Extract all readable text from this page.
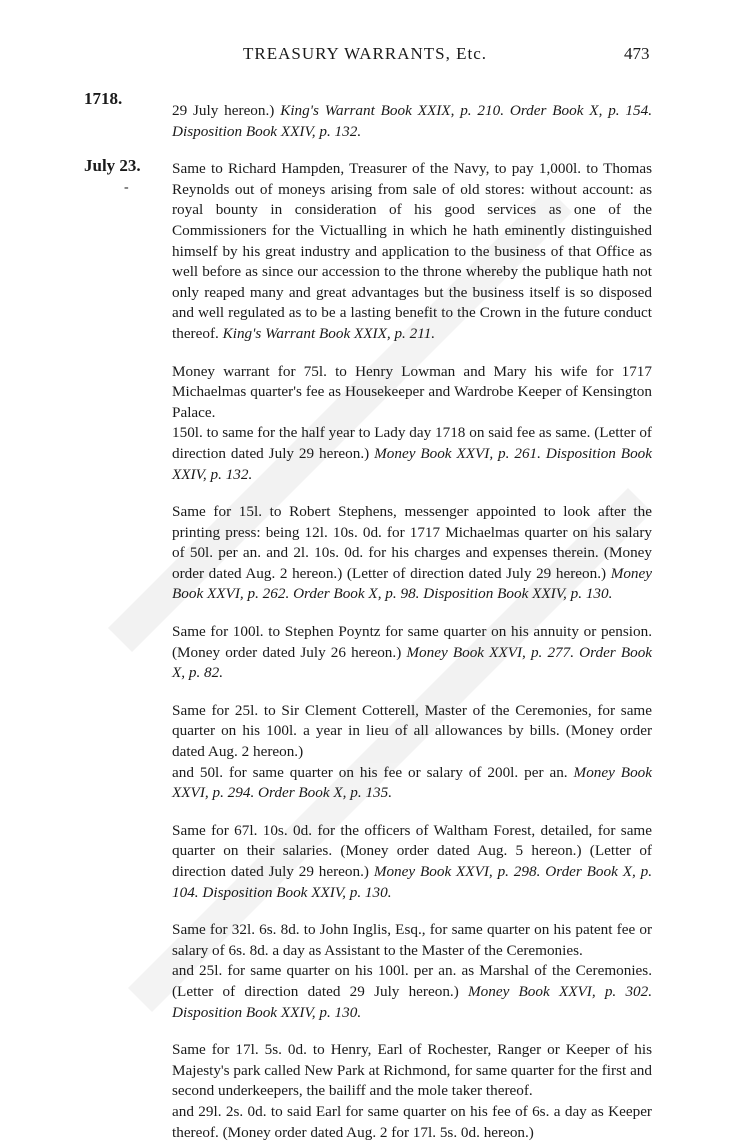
TREASURY WARRANTS, Etc.	473
1718.
July 23.
-

29 July hereon.) King's Warrant Book XXIX, p. 210. Order Book X, p. 154. Disposition Book XXIV, p. 132.

Same to Richard Hampden, Treasurer of the Navy, to pay 1,000l. to Thomas Reynolds out of moneys arising from sale of old stores: without account: as royal bounty in consideration of his good services as one of the Commissioners for the Victualling in which he hath eminently distinguished himself by his great industry and application to the business of that Office as well before as since our accession to the throne whereby the publique hath not only reaped many and great advantages but the business itself is so disposed and well regulated as to be a lasting benefit to the Crown in the future conduct thereof. King's Warrant Book XXIX, p. 211.

Money warrant for 75l. to Henry Lowman and Mary his wife for 1717 Michaelmas quarter's fee as Housekeeper and Wardrobe Keeper of Kensington Palace.
150l. to same for the half year to Lady day 1718 on said fee as same. (Letter of direction dated July 29 hereon.) Money Book XXVI, p. 261. Disposition Book XXIV, p. 132.

Same for 15l. to Robert Stephens, messenger appointed to look after the printing press: being 12l. 10s. 0d. for 1717 Michaelmas quarter on his salary of 50l. per an. and 2l. 10s. 0d. for his charges and expenses therein. (Money order dated Aug. 2 hereon.) (Letter of direction dated July 29 hereon.) Money Book XXVI, p. 262. Order Book X, p. 98. Disposition Book XXIV, p. 130.

Same for 100l. to Stephen Poyntz for same quarter on his annuity or pension. (Money order dated July 26 hereon.) Money Book XXVI, p. 277. Order Book X, p. 82.

Same for 25l. to Sir Clement Cotterell, Master of the Ceremonies, for same quarter on his 100l. a year in lieu of all allowances by bills. (Money order dated Aug. 2 hereon.)
and 50l. for same quarter on his fee or salary of 200l. per an. Money Book XXVI, p. 294. Order Book X, p. 135.

Same for 67l. 10s. 0d. for the officers of Waltham Forest, detailed, for same quarter on their salaries. (Money order dated Aug. 5 hereon.) (Letter of direction dated July 29 hereon.) Money Book XXVI, p. 298. Order Book X, p. 104. Disposition Book XXIV, p. 130.

Same for 32l. 6s. 8d. to John Inglis, Esq., for same quarter on his patent fee or salary of 6s. 8d. a day as Assistant to the Master of the Ceremonies.
and 25l. for same quarter on his 100l. per an. as Marshal of the Ceremonies. (Letter of direction dated 29 July hereon.) Money Book XXVI, p. 302. Disposition Book XXIV, p. 130.

Same for 17l. 5s. 0d. to Henry, Earl of Rochester, Ranger or Keeper of his Majesty's park called New Park at Richmond, for same quarter for the first and second underkeepers, the bailiff and the mole taker thereof.
and 29l. 2s. 0d. to said Earl for same quarter on his fee of 6s. a day as Keeper thereof. (Money order dated Aug. 2 for 17l. 5s. 0d. hereon.)
